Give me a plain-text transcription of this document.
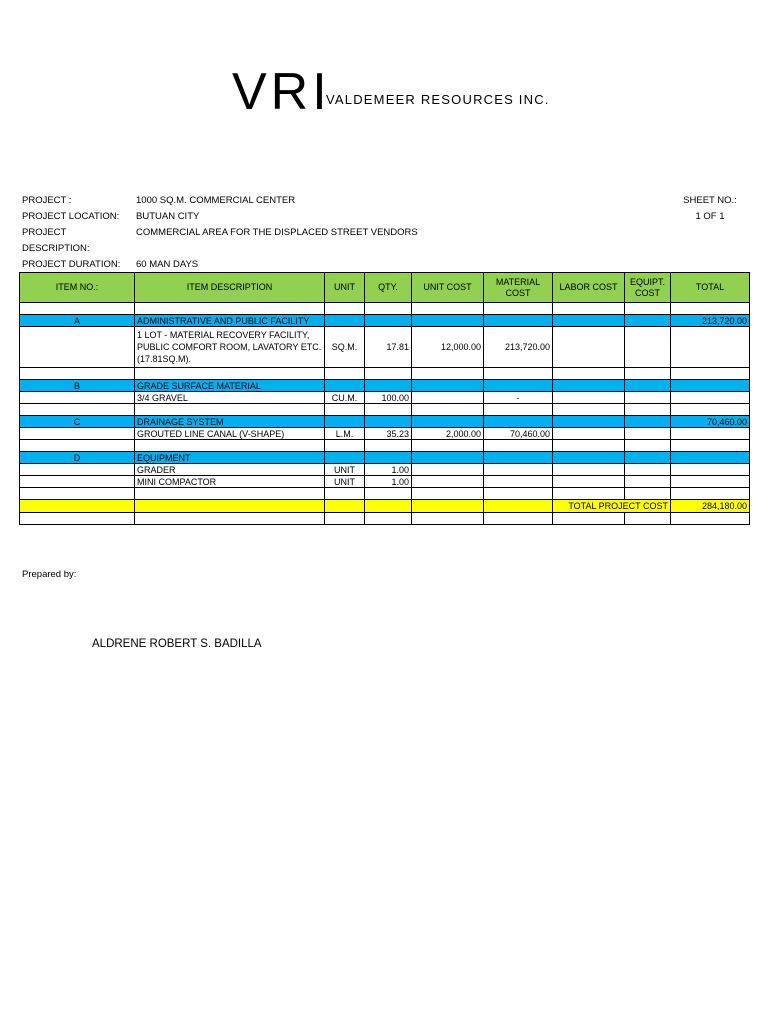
VRI
VALDEMEER RESOURCES INC.
PROJECT :	1000 SQ.M. COMMERCIAL CENTER
PROJECT LOCATION:	BUTUAN CITY
PROJECT DESCRIPTION:
COMMERCIAL AREA FOR THE DISPLACED STREET VENDORS
PROJECT DURATION:	60 MAN DAYS
SHEET NO.:
1 OF 1
ITEM NO.:	ITEM DESCRIPTION	UNIT	QTY.	UNIT COST	MATERIAL COST	LABOR COST	EQUIPT. COST	TOTAL

A	ADMINISTRATIVE AND PUBLIC FACILITY							213,720.00
	1 LOT - MATERIAL RECOVERY FACILITY, PUBLIC COMFORT ROOM, LAVATORY ETC. (17.81SQ.M).	SQ.M.	17.81	12,000.00	213,720.00			

B	GRADE SURFACE MATERIAL							
	3/4 GRAVEL	CU.M.	100.00		-			

C	DRAINAGE SYSTEM							70,460.00
	GROUTED LINE CANAL (V-SHAPE)	L.M.	35.23	2,000.00	70,460.00			

D	EQUIPMENT							
	GRADER	UNIT	1.00					
	MINI COMPACTOR	UNIT	1.00					

						TOTAL PROJECT COST		284,180.00

Prepared by:
ALDRENE ROBERT S. BADILLA
